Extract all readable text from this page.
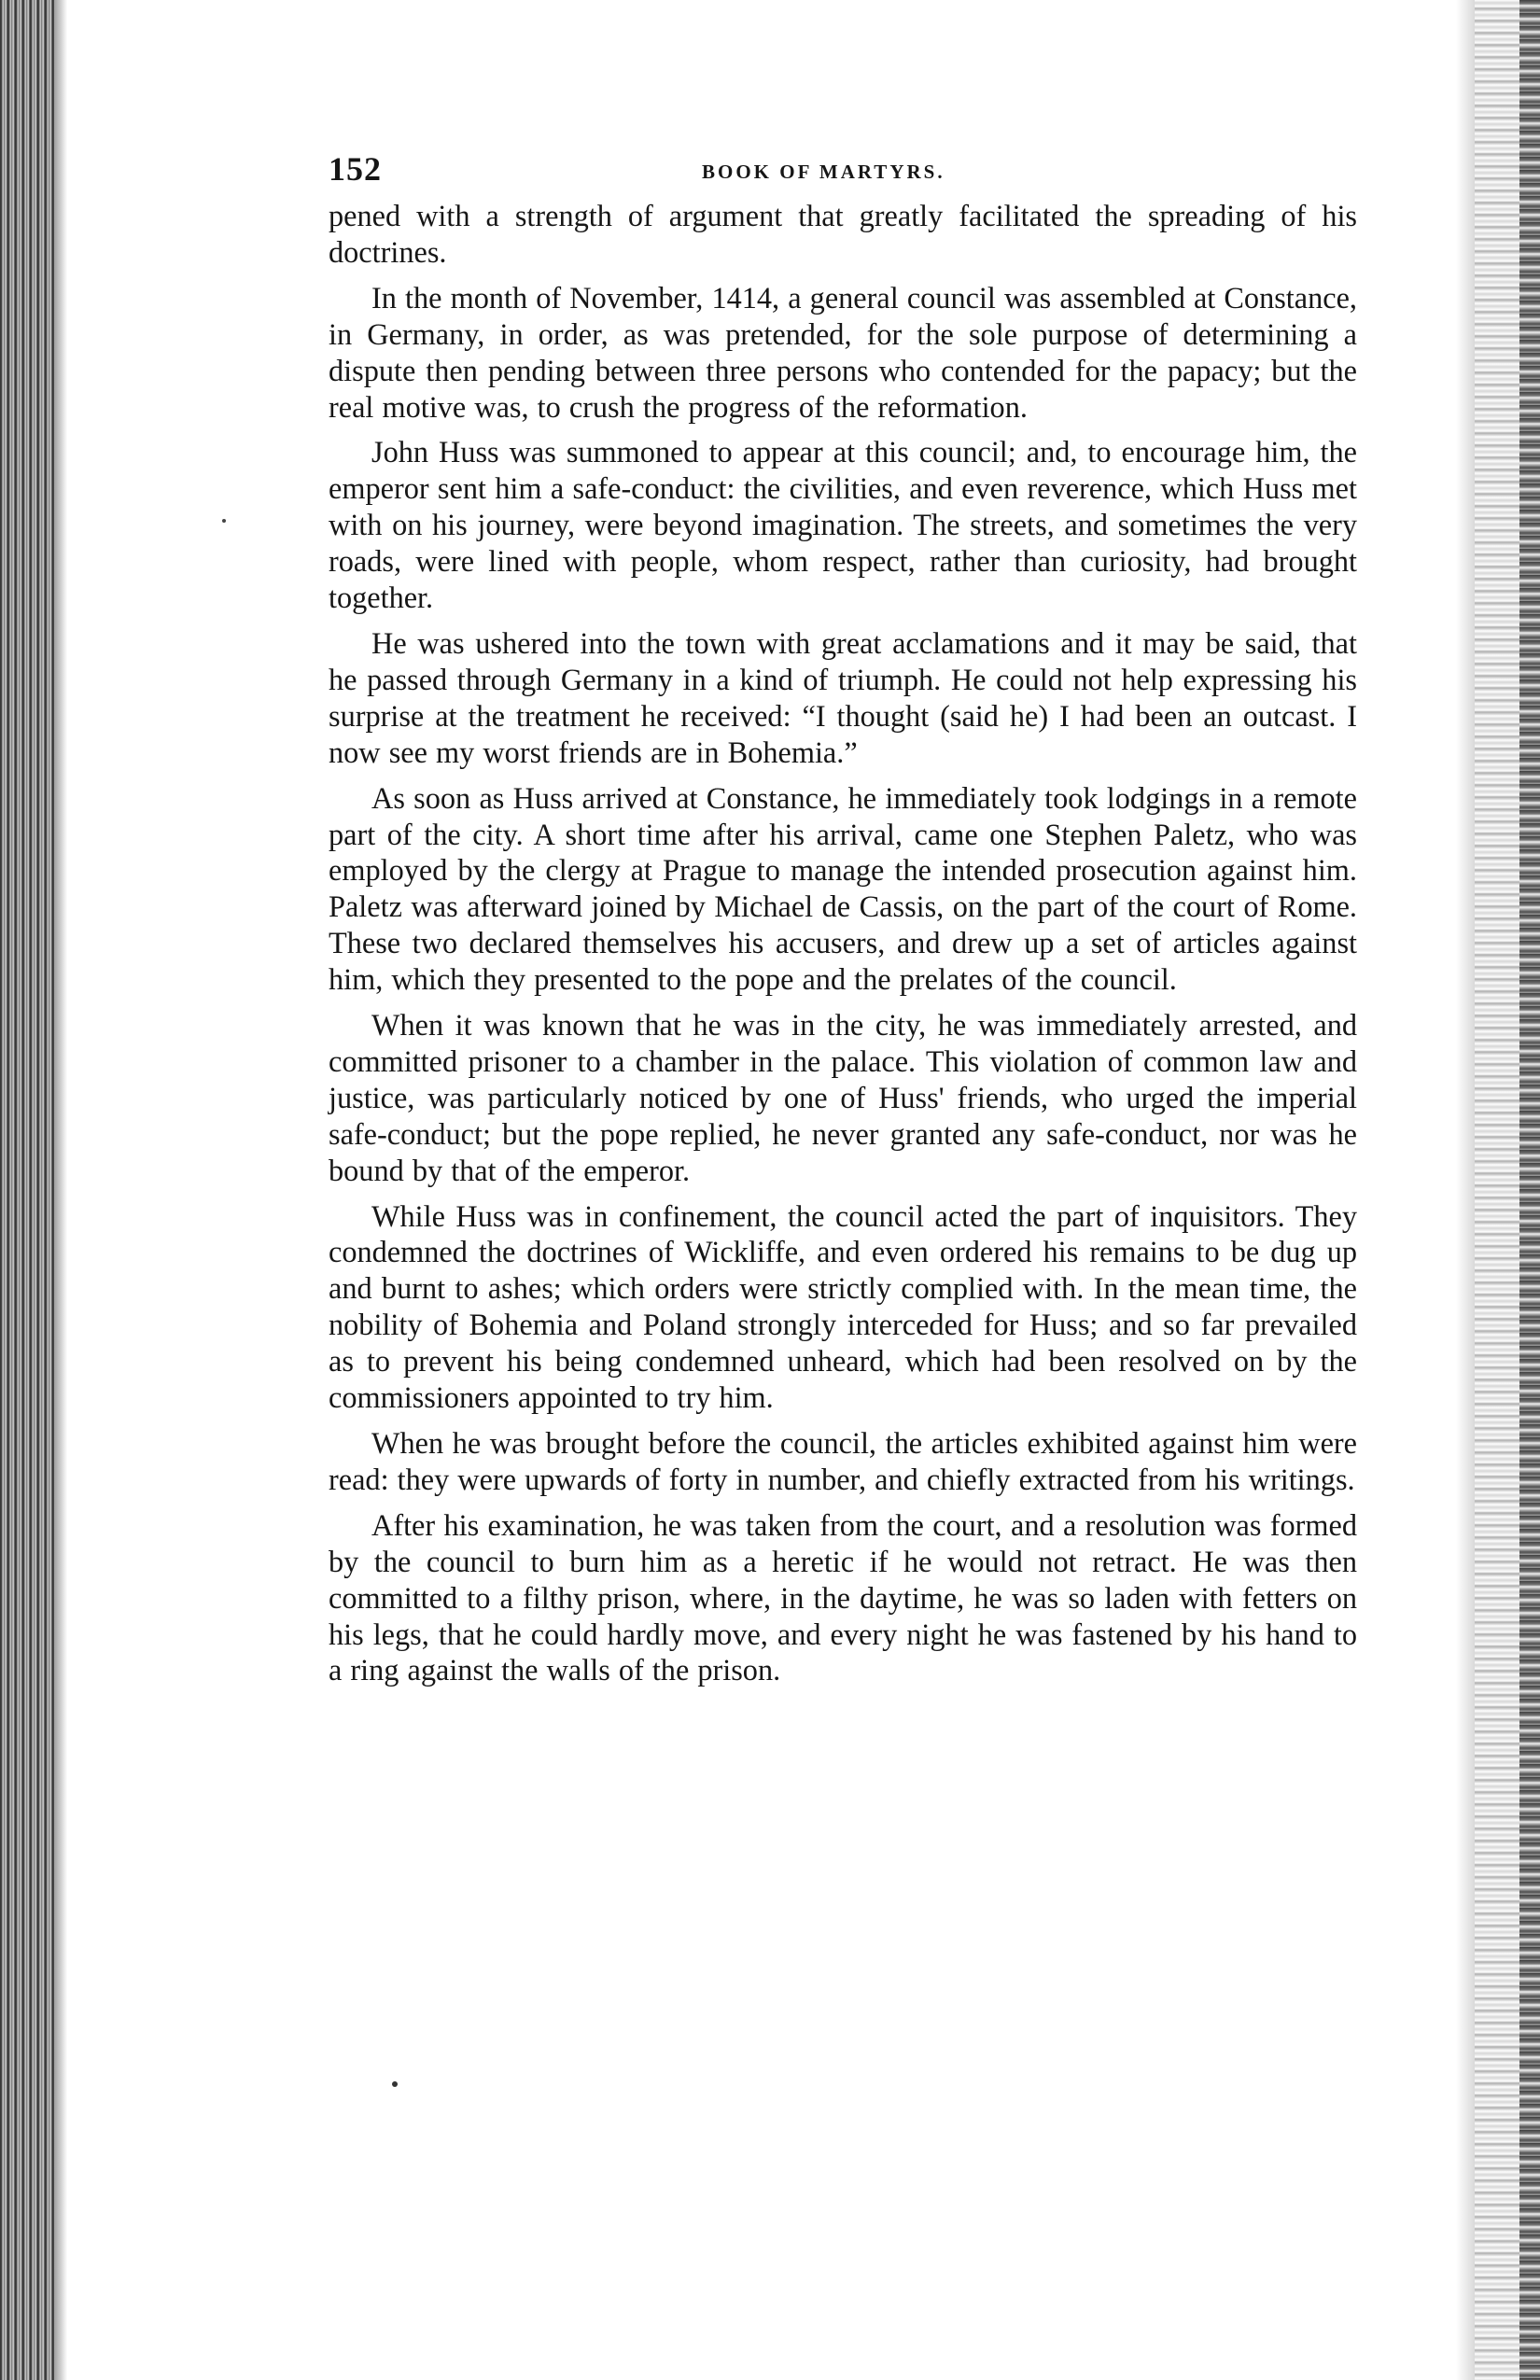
152	BOOK OF MARTYRS.

pened with a strength of argument that greatly facilitated the spreading of his doctrines.

In the month of November, 1414, a general council was assembled at Constance, in Germany, in order, as was pretended, for the sole purpose of determining a dispute then pending between three persons who contended for the papacy; but the real motive was, to crush the progress of the reformation.

John Huss was summoned to appear at this council; and, to encourage him, the emperor sent him a safe-conduct: the civilities, and even reverence, which Huss met with on his journey, were beyond imagination. The streets, and sometimes the very roads, were lined with people, whom respect, rather than curiosity, had brought together.

He was ushered into the town with great acclamations and it may be said, that he passed through Germany in a kind of triumph. He could not help expressing his surprise at the treatment he received: “I thought (said he) I had been an outcast. I now see my worst friends are in Bohemia.”

As soon as Huss arrived at Constance, he immediately took lodgings in a remote part of the city. A short time after his arrival, came one Stephen Paletz, who was employed by the clergy at Prague to manage the intended prosecution against him. Paletz was afterward joined by Michael de Cassis, on the part of the court of Rome. These two declared themselves his accusers, and drew up a set of articles against him, which they presented to the pope and the prelates of the council.

When it was known that he was in the city, he was immediately arrested, and committed prisoner to a chamber in the palace. This violation of common law and justice, was particularly noticed by one of Huss' friends, who urged the imperial safe-conduct; but the pope replied, he never granted any safe-conduct, nor was he bound by that of the emperor.

While Huss was in confinement, the council acted the part of inquisitors. They condemned the doctrines of Wickliffe, and even ordered his remains to be dug up and burnt to ashes; which orders were strictly complied with. In the mean time, the nobility of Bohemia and Poland strongly interceded for Huss; and so far prevailed as to prevent his being condemned unheard, which had been resolved on by the commissioners appointed to try him.

When he was brought before the council, the articles exhibited against him were read: they were upwards of forty in number, and chiefly extracted from his writings.

After his examination, he was taken from the court, and a resolution was formed by the council to burn him as a heretic if he would not retract. He was then committed to a filthy prison, where, in the daytime, he was so laden with fetters on his legs, that he could hardly move, and every night he was fastened by his hand to a ring against the walls of the prison.
